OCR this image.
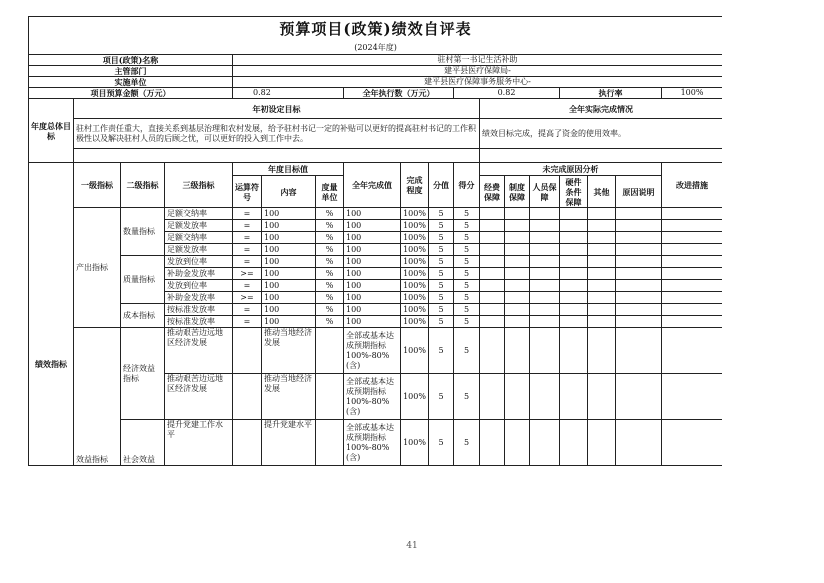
预算项目(政策)绩效自评表																	
(2024年度)																	
项目(政策)名称				驻村第一书记生活补助													
主管部门				建平县医疗保障局-													
实施单位				建平县医疗保障事务服务中心-													
项目预算金额（万元）				0.82			全年执行数（万元）			0.82				执行率			100%
年度总体目标	年初设定目标										全年实际完成情况						
	驻村工作责任重大，直接关系到基层治理和农村发展，给予驻村书记一定的补贴可以更好的提高驻村书记的工作积极性以及解决驻村人员的后顾之忧，可以更好的投入到工作中去。										绩效目标完成，提高了资金的使用效率。						

绩效指标	一级指标	二级指标	三级指标	年度目标值			全年完成值	完成程度	分值	得分	未完成原因分析						改进措施
				运算符号	内容	度量单位					经费保障	制度保障	人员保障	硬件条件保障	其他	原因说明	
	产出指标	数量指标	足额交纳率	=	100	%	100	100%	5	5							
			足额发放率	=	100	%	100	100%	5	5							
			足额交纳率	=	100	%	100	100%	5	5							
			足额发放率	=	100	%	100	100%	5	5							
		质量指标	发放到位率	=	100	%	100	100%	5	5							
			补助金发放率	>=	100	%	100	100%	5	5							
			发放到位率	=	100	%	100	100%	5	5							
			补助金发放率	>=	100	%	100	100%	5	5							
		成本指标	按标准发放率	=	100	%	100	100%	5	5							
			按标准发放率	=	100	%	100	100%	5	5							
	效益指标	经济效益指标	推动艰苦边远地区经济发展		推动当地经济发展		全部或基本达成预期指标100%-80%(含)	100%	5	5							
			推动艰苦边远地区经济发展		推动当地经济发展		全部或基本达成预期指标100%-80%(含)	100%	5	5							
		社会效益	提升党建工作水平		提升党建水平		全部或基本达成预期指标100%-80%(含)	100%	5	5							
41
